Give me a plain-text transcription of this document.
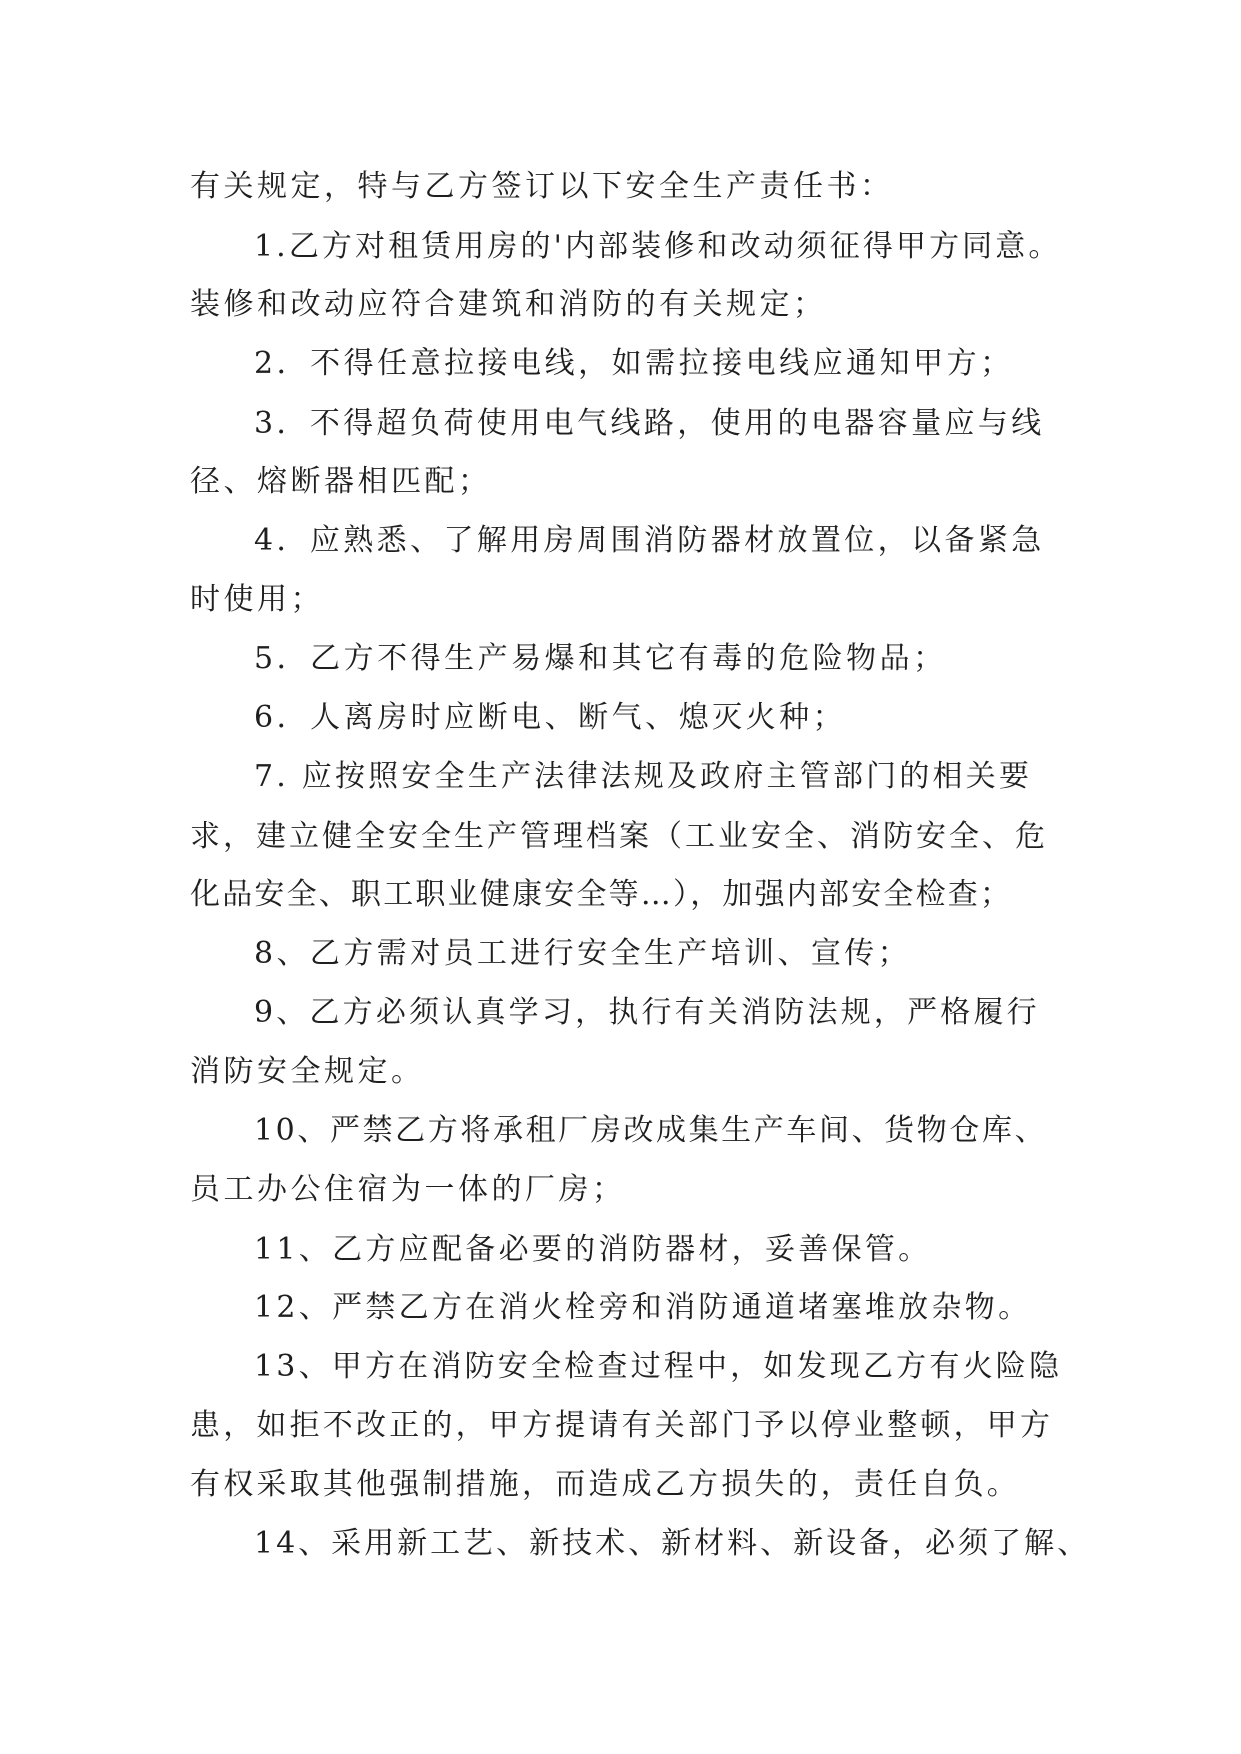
有关规定，特与乙方签订以下安全生产责任书：

1.乙方对租赁用房的'内部装修和改动须征得甲方同意。

装修和改动应符合建筑和消防的有关规定；

2．不得任意拉接电线，如需拉接电线应通知甲方；

3．不得超负荷使用电气线路，使用的电器容量应与线

径、熔断器相匹配；

4．应熟悉、了解用房周围消防器材放置位，以备紧急

时使用；

5．乙方不得生产易爆和其它有毒的危险物品；

6．人离房时应断电、断气、熄灭火种；

7. 应按照安全生产法律法规及政府主管部门的相关要

求，建立健全安全生产管理档案（工业安全、消防安全、危

化品安全、职工职业健康安全等…），加强内部安全检查；

8、乙方需对员工进行安全生产培训、宣传；

9、乙方必须认真学习，执行有关消防法规，严格履行

消防安全规定。

10、严禁乙方将承租厂房改成集生产车间、货物仓库、

员工办公住宿为一体的厂房；

11、乙方应配备必要的消防器材，妥善保管。

12、严禁乙方在消火栓旁和消防通道堵塞堆放杂物。

13、甲方在消防安全检查过程中，如发现乙方有火险隐

患，如拒不改正的，甲方提请有关部门予以停业整顿，甲方

有权采取其他强制措施，而造成乙方损失的，责任自负。

14、采用新工艺、新技术、新材料、新设备，必须了解、
